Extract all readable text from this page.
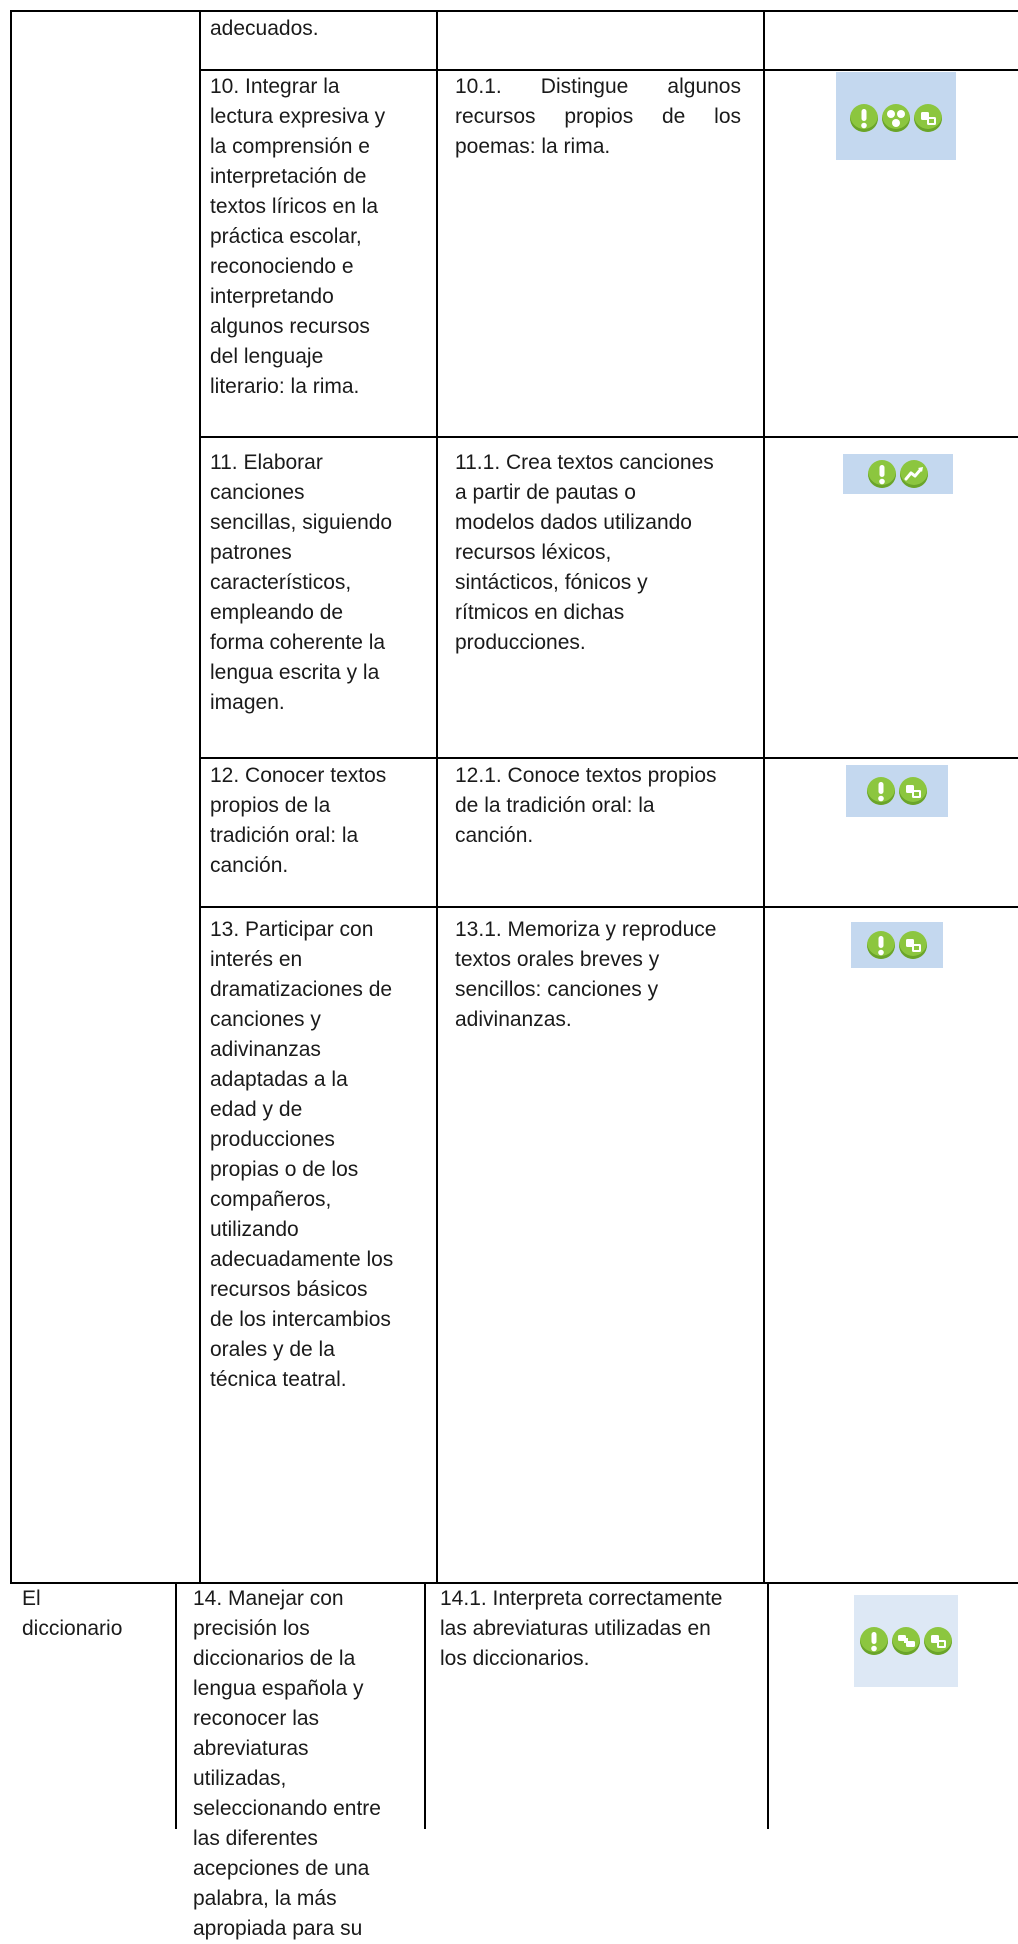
adecuados.
10. Integrar la
lectura expresiva y
la comprensión e
interpretación de
textos líricos en la
práctica escolar,
reconociendo e
interpretando
algunos recursos
del lenguaje
literario: la rima.
10.1. Distingue algunos recursos propios de los poemas: la rima.
11. Elaborar
canciones
sencillas, siguiendo
patrones
característicos,
empleando de
forma coherente la
lengua escrita y la
imagen.
11.1. Crea textos canciones
a partir de pautas o
modelos dados utilizando
recursos léxicos,
sintácticos, fónicos y
rítmicos en dichas
producciones.
12. Conocer textos
propios de la
tradición oral: la
canción.
12.1. Conoce textos propios
de la tradición oral: la
canción.
13. Participar con
interés en
dramatizaciones de
canciones y
adivinanzas
adaptadas a la
edad y de
producciones
propias o de los
compañeros,
utilizando
adecuadamente los
recursos básicos
de los intercambios
orales y de la
técnica teatral.
13.1. Memoriza y reproduce
textos orales breves y
sencillos: canciones y
adivinanzas.
El
diccionario
14. Manejar con
precisión los
diccionarios de la
lengua española y
reconocer las
abreviaturas
utilizadas,
seleccionando entre
las diferentes
acepciones de una
palabra, la más
apropiada para su
14.1. Interpreta correctamente
las abreviaturas utilizadas en
los diccionarios.
